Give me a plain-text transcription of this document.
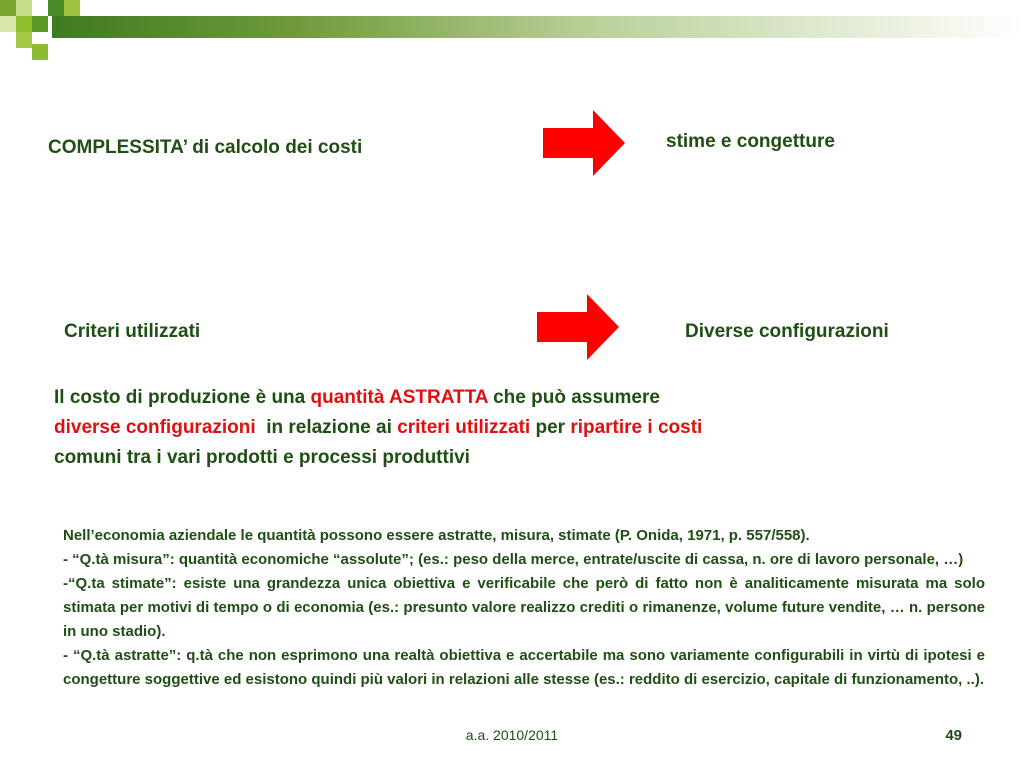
COMPLESSITA’ di calcolo dei costi	stime e congetture
Criteri utilizzati	Diverse configurazioni
Il costo di produzione è una quantità ASTRATTA che può assumere
diverse configurazioni  in relazione ai criteri utilizzati per ripartire i costi
comuni tra i vari prodotti e processi produttivi

Nell’economia aziendale le quantità possono essere astratte, misura, stimate (P. Onida, 1971, p. 557/558).

- “Q.tà misura”: quantità economiche “assolute”; (es.: peso della merce, entrate/uscite di cassa, n. ore di lavoro personale, …)

-“Q.ta stimate”: esiste una grandezza unica obiettiva e verificabile che però di fatto non è analiticamente misurata ma solo stimata per motivi di tempo o di economia (es.: presunto valore realizzo crediti o rimanenze, volume future vendite, … n. persone in uno stadio).

- “Q.tà astratte”: q.tà che non esprimono una realtà obiettiva e accertabile ma sono variamente configurabili in virtù di ipotesi e congetture soggettive ed esistono quindi più valori in relazioni alle stesse (es.: reddito di esercizio, capitale di funzionamento, ..).

a.a. 2010/2011	49
